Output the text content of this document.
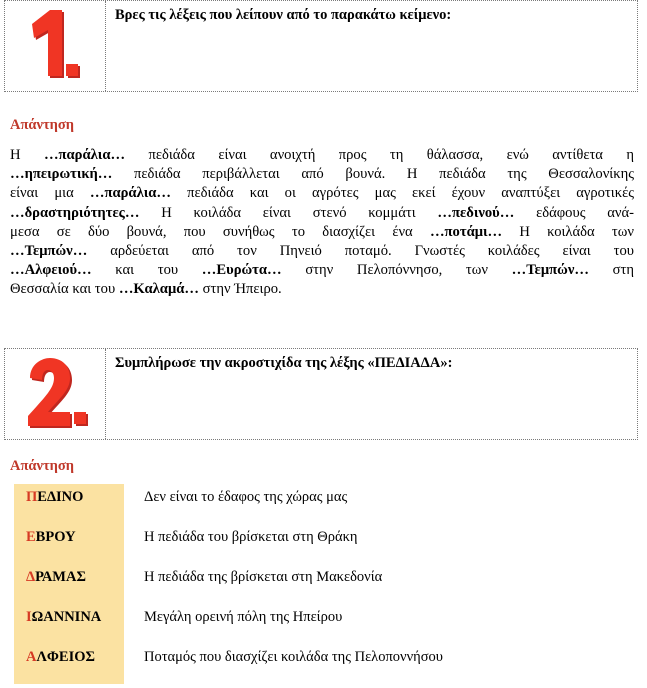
1.	Βρες τις λέξεις που λείπουν από το παρακάτω κείμενο:
Απάντηση
Η …παράλια… πεδιάδα είναι ανοιχτή προς τη θάλασσα, ενώ αντίθετα η
…ηπειρωτική… πεδιάδα περιβάλλεται από βουνά. Η πεδιάδα της Θεσσαλονίκης
είναι μια …παράλια… πεδιάδα και οι αγρότες μας εκεί έχουν αναπτύξει αγροτικές
…δραστηριότητες… Η κοιλάδα είναι στενό κομμάτι …πεδινού… εδάφους ανά-
μεσα σε δύο βουνά, που συνήθως το διασχίζει ένα …ποτάμι… Η κοιλάδα των
…Τεμπών… αρδεύεται από τον Πηνειό ποταμό. Γνωστές κοιλάδες είναι του
…Αλφειού… και του …Ευρώτα… στην Πελοπόννησο, των …Τεμπών… στη
Θεσσαλία και του …Καλαμά… στην Ήπειρο.
2.	Συμπλήρωσε την ακροστιχίδα της λέξης «ΠΕΔΙΑΔΑ»:
Απάντηση
ΠΕΔΙΝΟ	Δεν είναι το έδαφος της χώρας μας
ΕΒΡΟΥ	Η πεδιάδα του βρίσκεται στη Θράκη
ΔΡΑΜΑΣ	Η πεδιάδα της βρίσκεται στη Μακεδονία
ΙΩΑΝΝΙΝΑ	Μεγάλη ορεινή πόλη της Ηπείρου
ΑΛΦΕΙΟΣ	Ποταμός που διασχίζει κοιλάδα της Πελοποννήσου
